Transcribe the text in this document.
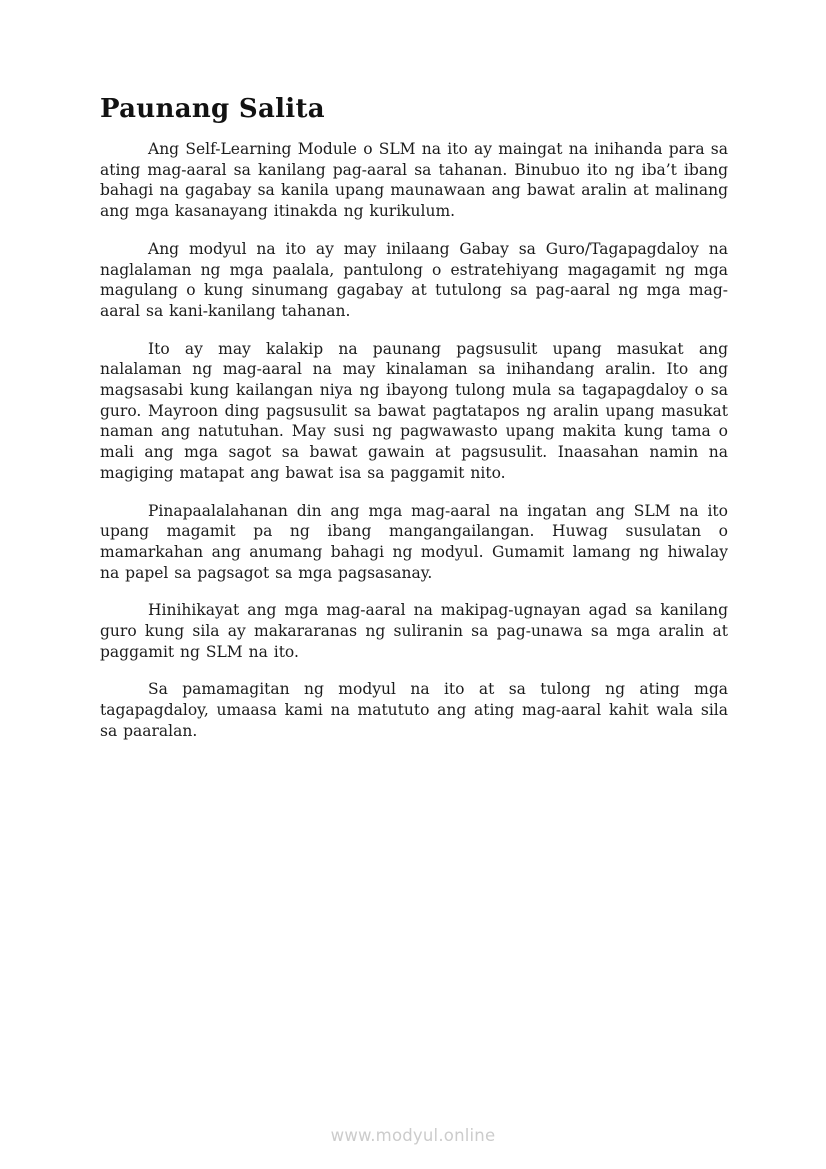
Paunang Salita

Ang Self-Learning Module o SLM na ito ay maingat na inihanda para sa ating mag-aaral sa kanilang pag-aaral sa tahanan. Binubuo ito ng iba’t ibang bahagi na gagabay sa kanila upang maunawaan ang bawat aralin at malinang ang mga kasanayang itinakda ng kurikulum.

Ang modyul na ito ay may inilaang Gabay sa Guro/Tagapagdaloy na naglalaman ng mga paalala, pantulong o estratehiyang magagamit ng mga magulang o kung sinumang gagabay at tutulong sa pag-aaral ng mga mag-aaral sa kani-kanilang tahanan.

Ito ay may kalakip na paunang pagsusulit upang masukat ang nalalaman ng mag-aaral na may kinalaman sa inihandang aralin. Ito ang magsasabi kung kailangan niya ng ibayong tulong mula sa tagapagdaloy o sa guro. Mayroon ding pagsusulit sa bawat pagtatapos ng aralin upang masukat naman ang natutuhan. May susi ng pagwawasto upang makita kung tama o mali ang mga sagot sa bawat gawain at pagsusulit. Inaasahan namin na magiging matapat ang bawat isa sa paggamit nito.

Pinapaalalahanan din ang mga mag-aaral na ingatan ang SLM na ito upang magamit pa ng ibang mangangailangan. Huwag susulatan o mamarkahan ang anumang bahagi ng modyul. Gumamit lamang ng hiwalay na papel sa pagsagot sa mga pagsasanay.

Hinihikayat ang mga mag-aaral na makipag-ugnayan agad sa kanilang guro kung sila ay makararanas ng suliranin sa pag-unawa sa mga aralin at paggamit ng SLM na ito.

Sa pamamagitan ng modyul na ito at sa tulong ng ating mga tagapagdaloy, umaasa kami na matututo ang ating mag-aaral kahit wala sila sa paaralan.

www.modyul.online
